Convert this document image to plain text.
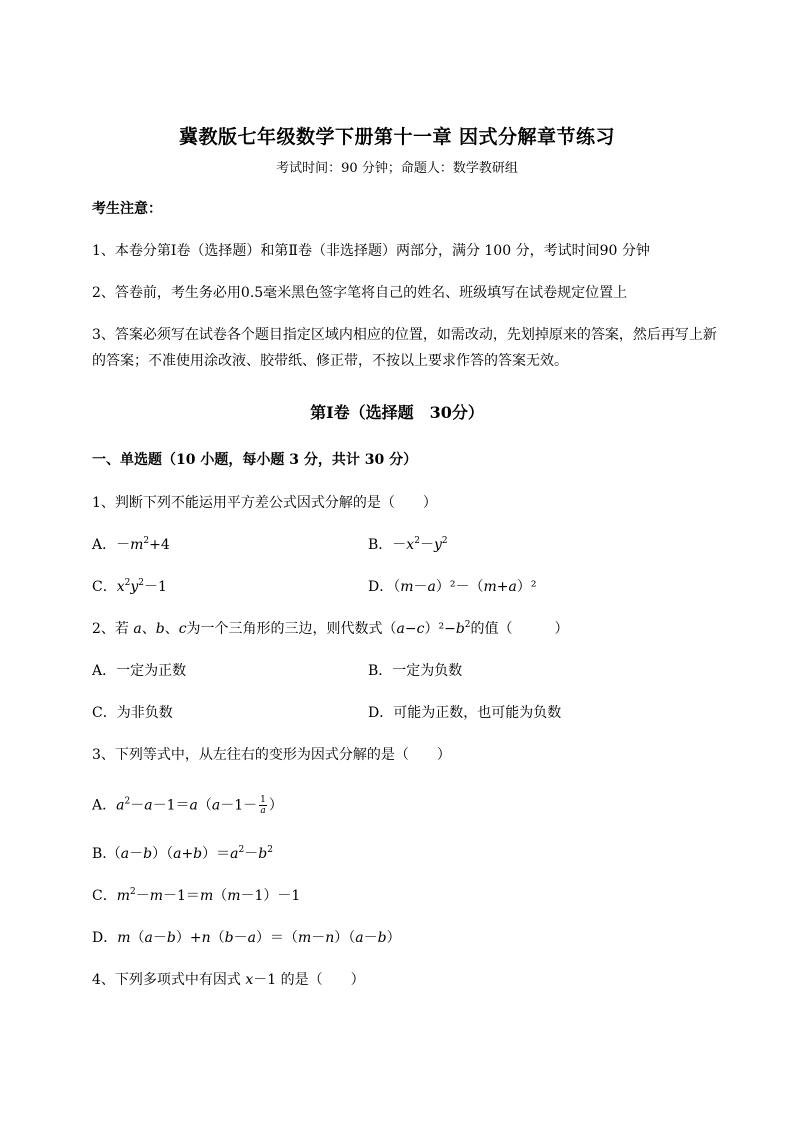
冀教版七年级数学下册第十一章 因式分解章节练习
考试时间：90 分钟；命题人：数学教研组
考生注意：
1、本卷分第Ⅰ卷（选择题）和第Ⅱ卷（非选择题）两部分，满分 100 分，考试时间90 分钟
2、答卷前，考生务必用0.5毫米黑色签字笔将自己的姓名、班级填写在试卷规定位置上
3、答案必须写在试卷各个题目指定区域内相应的位置，如需改动，先划掉原来的答案，然后再写上新
的答案；不准使用涂改液、胶带纸、修正带，不按以上要求作答的答案无效。
第Ⅰ卷（选择题　30分）
一、单选题（10 小题，每小题 3 分，共计 30 分）
1、判断下列不能运用平方差公式因式分解的是（　　）
A．$-m^2+4$	B．$-x^2-y^2$
C．$x^2y^2-1$	D．（m－a）²－（m+a）²
2、若 a、b、c为一个三角形的三边，则代数式$(a-c)^2-b^2$的值（　　　）
A．一定为正数	B．一定为负数
C．为非负数	D．可能为正数，也可能为负数
3、下列等式中，从左往右的变形为因式分解的是（　　）
A．$a^2-a-1=a(a-1- \frac{1}{a}$ ）
$B.(a-b)(a+b)=a^2-b^2$
C．$m^2-m-1=m(m-1)-1$
D．m（a－b）+n（b－a）＝（m－n）（a－b）
4、下列多项式中有因式 x－1 的是（　　）
